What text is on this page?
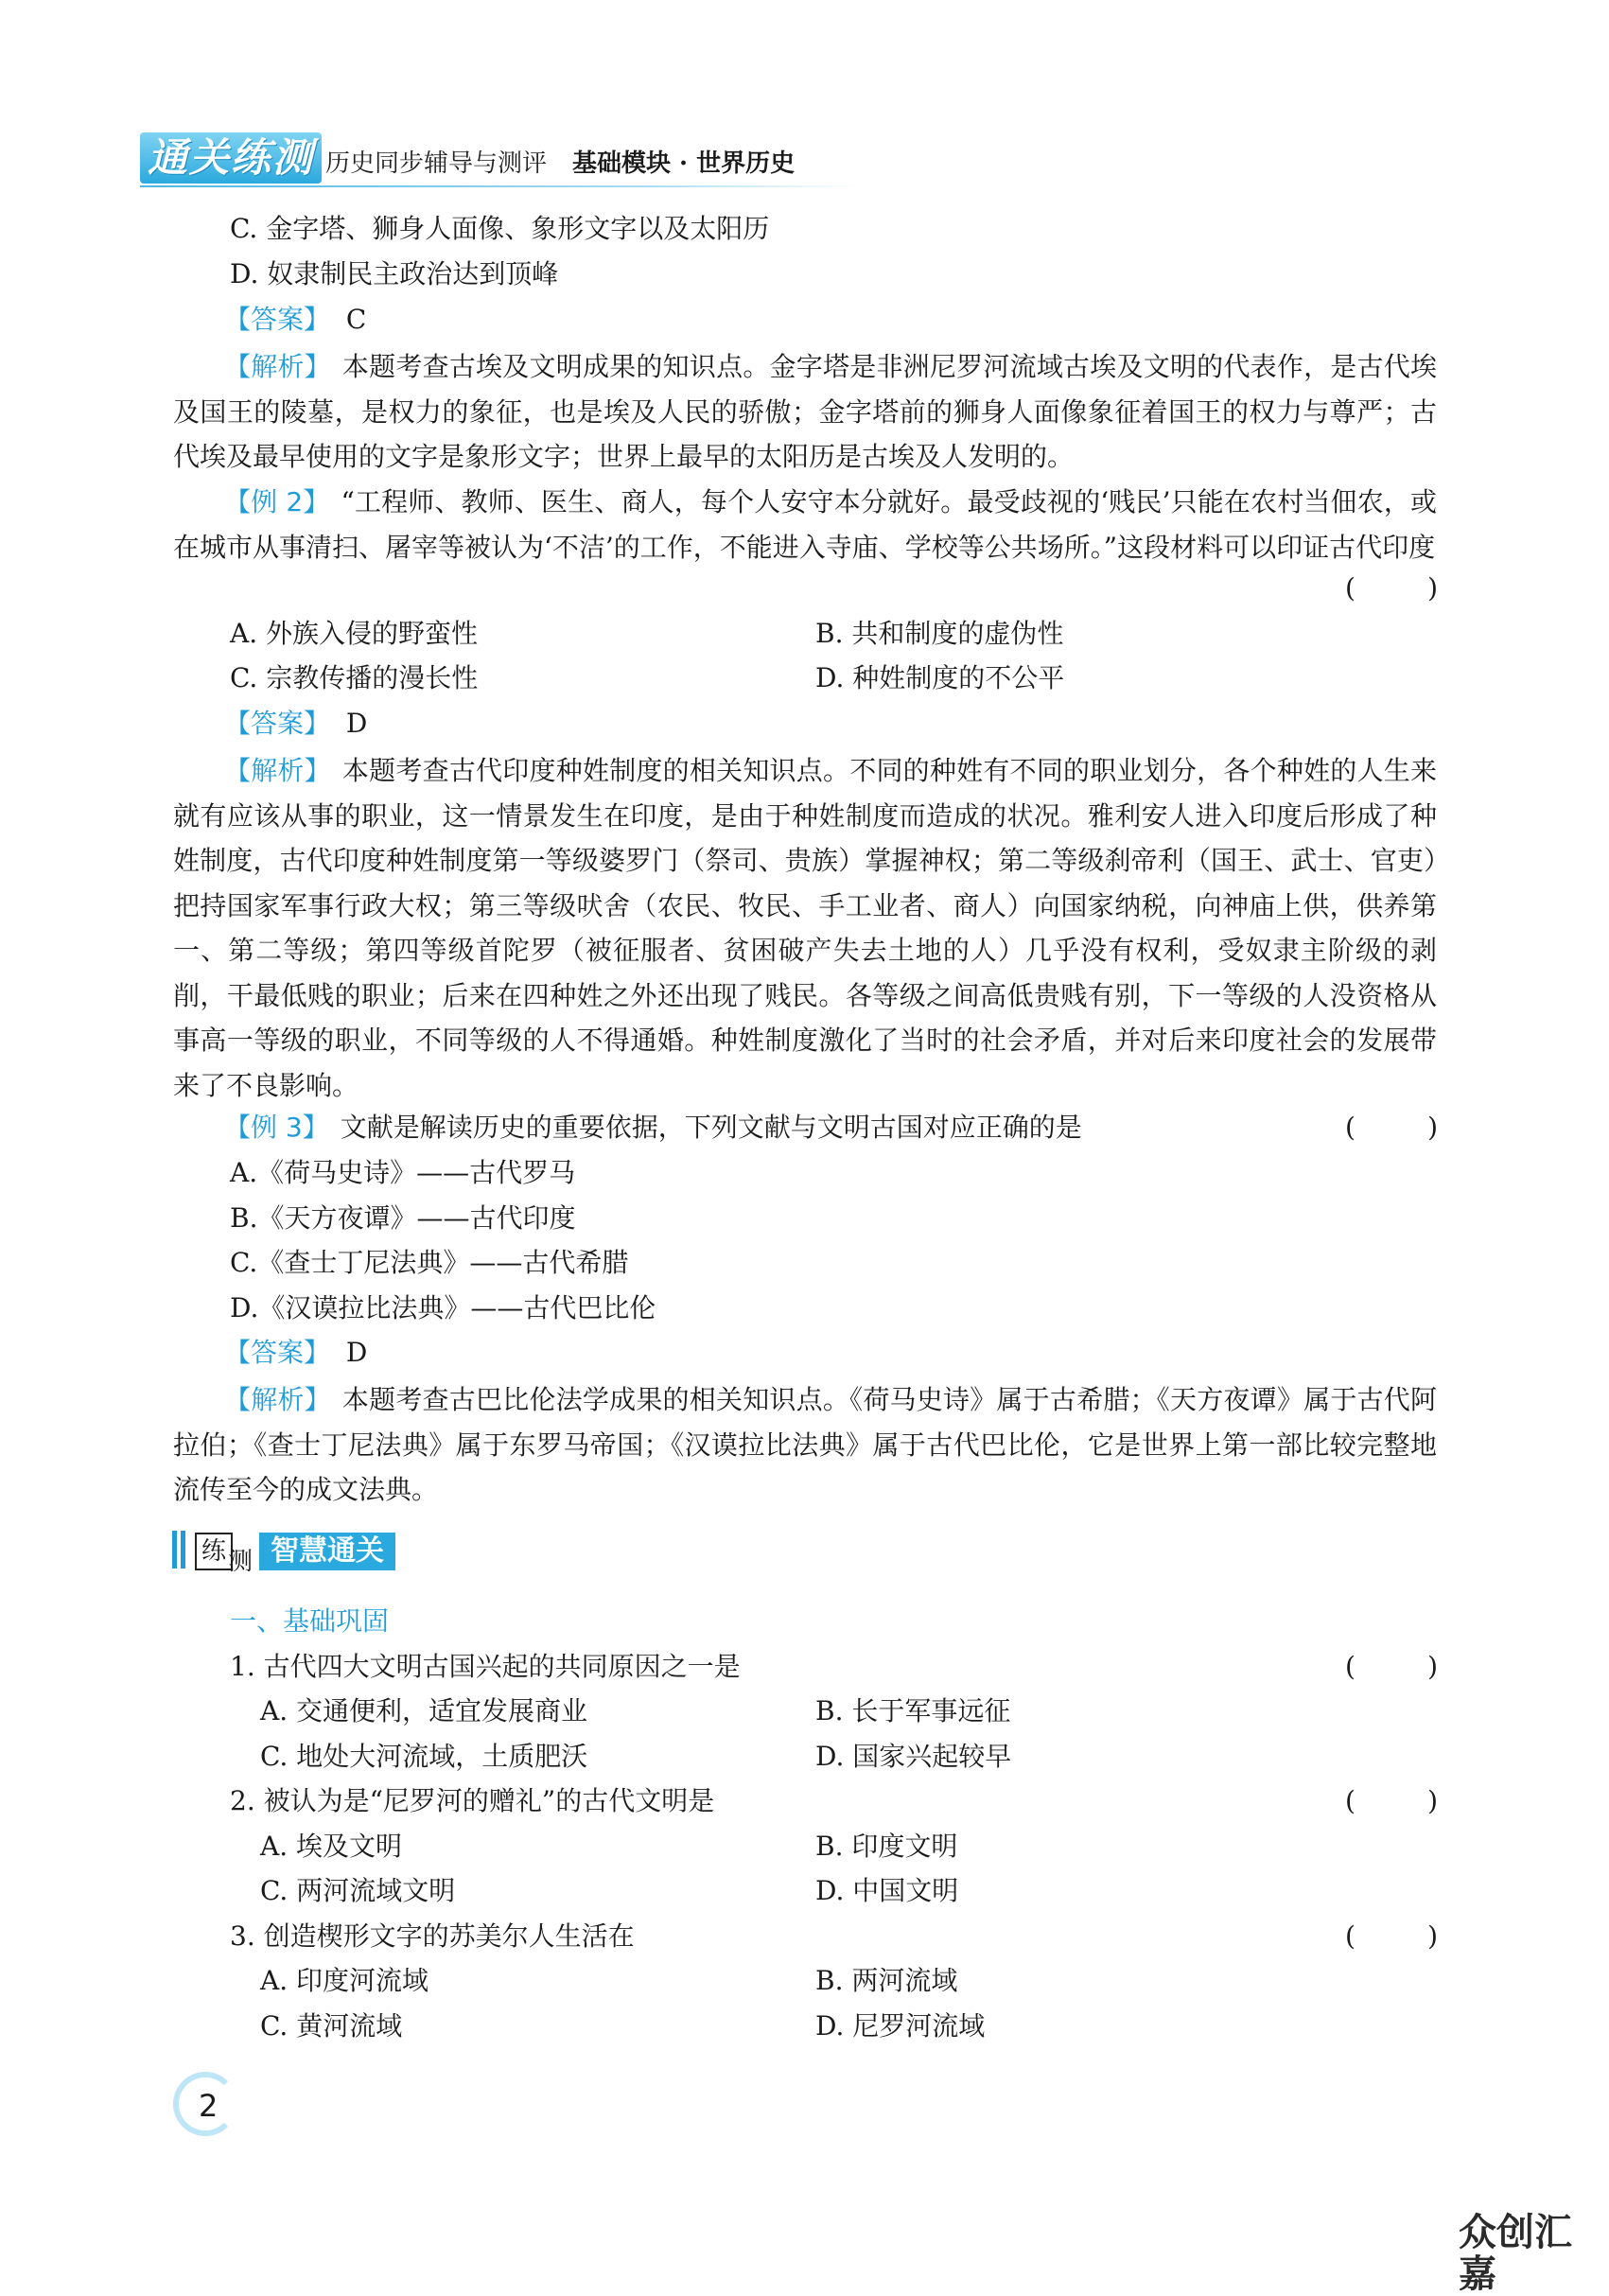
通关练测 历史同步辅导与测评 基础模块 · 世界历史
C. 金字塔、狮身人面像、象形文字以及太阳历
D. 奴隶制民主政治达到顶峰
【答案】 C
【解析】 本题考查古埃及文明成果的知识点。金字塔是非洲尼罗河流域古埃及文明的代表作，是古代埃及国王的陵墓，是权力的象征，也是埃及人民的骄傲；金字塔前的狮身人面像象征着国王的权力与尊严；古代埃及最早使用的文字是象形文字；世界上最早的太阳历是古埃及人发明的。
【例 2】 “工程师、教师、医生、商人，每个人安守本分就好。最受歧视的‘贱民’只能在农村当佃农，或在城市从事清扫、屠宰等被认为‘不洁’的工作，不能进入寺庙、学校等公共场所。”这段材料可以印证古代印度
(	)
A. 外族入侵的野蛮性	B. 共和制度的虚伪性
C. 宗教传播的漫长性	D. 种姓制度的不公平
【答案】 D
【解析】 本题考查古代印度种姓制度的相关知识点。不同的种姓有不同的职业划分，各个种姓的人生来就有应该从事的职业，这一情景发生在印度，是由于种姓制度而造成的状况。雅利安人进入印度后形成了种姓制度，古代印度种姓制度第一等级婆罗门（祭司、贵族）掌握神权；第二等级刹帝利（国王、武士、官吏）把持国家军事行政大权；第三等级吠舍（农民、牧民、手工业者、商人）向国家纳税，向神庙上供，供养第一、第二等级；第四等级首陀罗（被征服者、贫困破产失去土地的人）几乎没有权利，受奴隶主阶级的剥削，干最低贱的职业；后来在四种姓之外还出现了贱民。各等级之间高低贵贱有别，下一等级的人没资格从事高一等级的职业，不同等级的人不得通婚。种姓制度激化了当时的社会矛盾，并对后来印度社会的发展带来了不良影响。
【例 3】 文献是解读历史的重要依据，下列文献与文明古国对应正确的是	(	)
A.《荷马史诗》——古代罗马
B.《天方夜谭》——古代印度
C.《查士丁尼法典》——古代希腊
D.《汉谟拉比法典》——古代巴比伦
【答案】 D
【解析】 本题考查古巴比伦法学成果的相关知识点。《荷马史诗》属于古希腊；《天方夜谭》属于古代阿拉伯；《查士丁尼法典》属于东罗马帝国；《汉谟拉比法典》属于古代巴比伦，它是世界上第一部比较完整地流传至今的成文法典。
练 测 智慧通关
一、基础巩固
1. 古代四大文明古国兴起的共同原因之一是	(	)
A. 交通便利，适宜发展商业	B. 长于军事远征
C. 地处大河流域，土质肥沃	D. 国家兴起较早
2. 被认为是“尼罗河的赠礼”的古代文明是	(	)
A. 埃及文明	B. 印度文明
C. 两河流域文明	D. 中国文明
3. 创造楔形文字的苏美尔人生活在	(	)
A. 印度河流域	B. 两河流域
C. 黄河流域	D. 尼罗河流域
2
众创汇嘉
